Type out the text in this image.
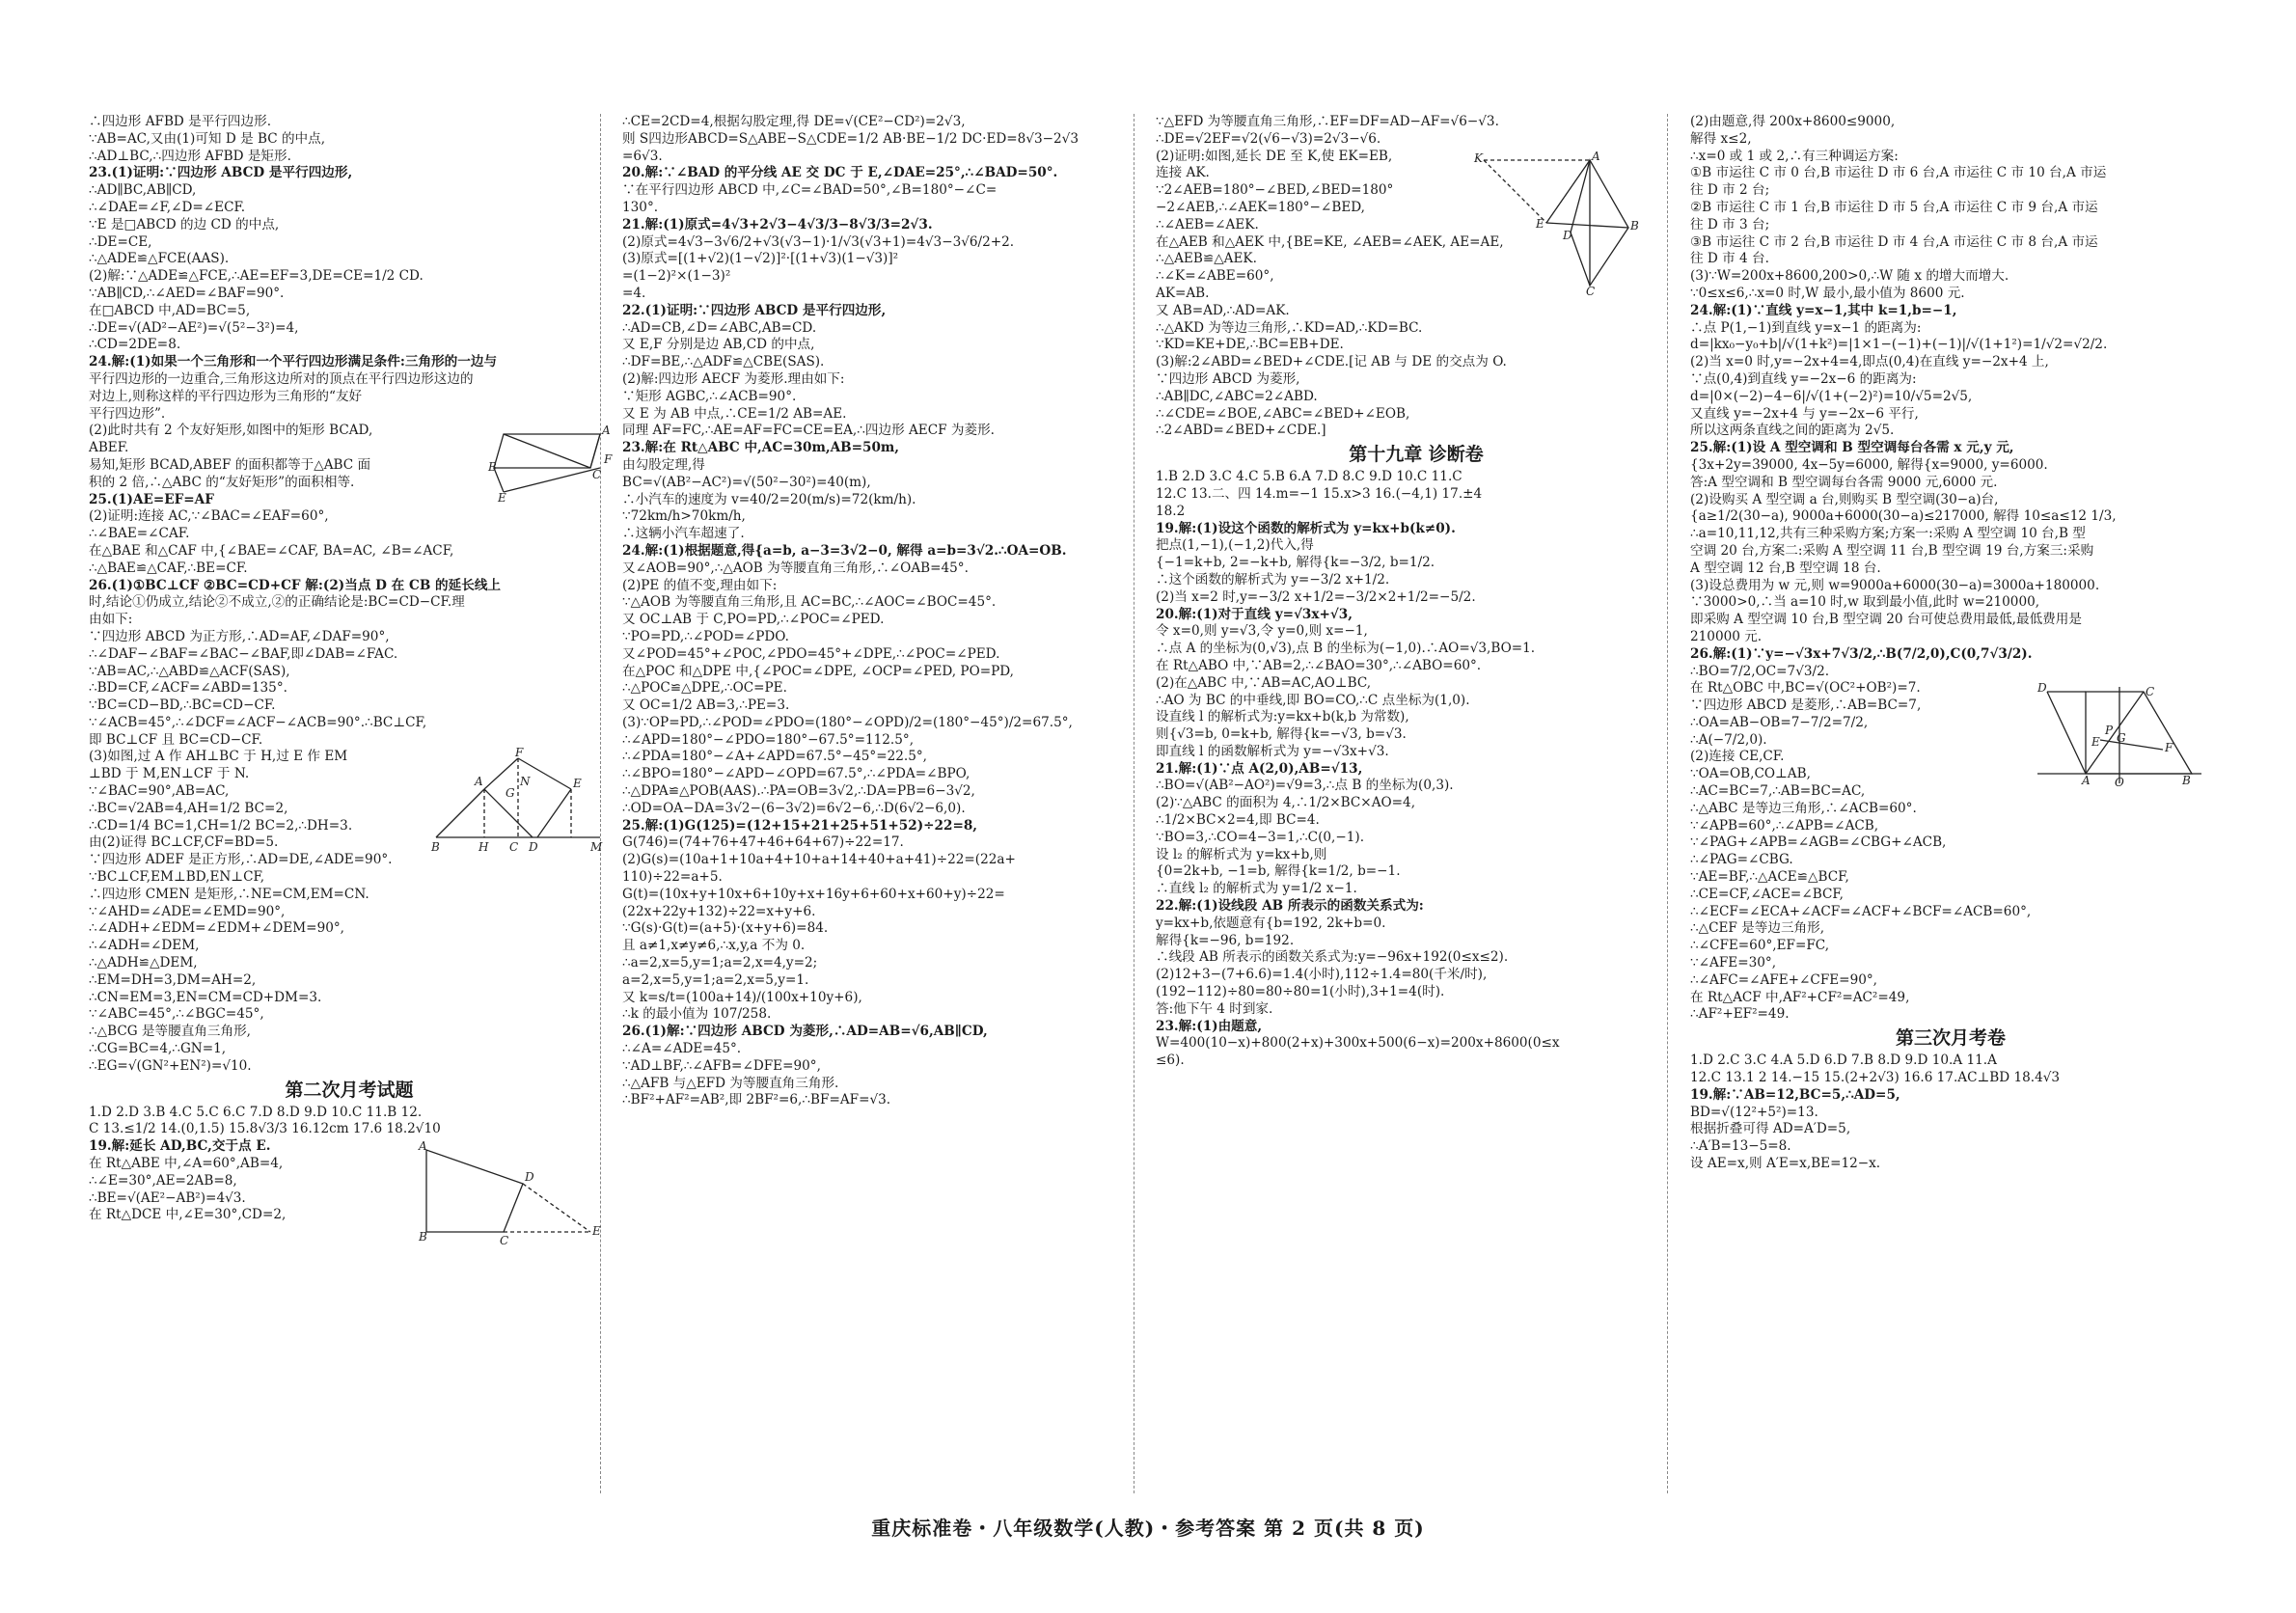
∴四边形 AFBD 是平行四边形.
∵AB=AC,又由(1)可知 D 是 BC 的中点,
∴AD⊥BC,∴四边形 AFBD 是矩形.
23.(1)证明:∵四边形 ABCD 是平行四边形,
∴AD∥BC,AB∥CD,
∴∠DAE=∠F,∠D=∠ECF.
∵E 是□ABCD 的边 CD 的中点,
∴DE=CE,
∴△ADE≌△FCE(AAS).
(2)解:∵△ADE≌△FCE,∴AE=EF=3,DE=CE=1/2 CD.
∵AB∥CD,∴∠AED=∠BAF=90°.
在□ABCD 中,AD=BC=5,
∴DE=√(AD²−AE²)=√(5²−3²)=4,
∴CD=2DE=8.
24.解:(1)如果一个三角形和一个平行四边形满足条件:三角形的一边与
平行四边形的一边重合,三角形这边所对的顶点在平行四边形这边的
对边上,则称这样的平行四边形为三角形的“友好
平行四边形”.
B
C
A
E
F
(2)此时共有 2 个友好矩形,如图中的矩形 BCAD,
ABEF.
易知,矩形 BCAD,ABEF 的面积都等于△ABC 面
积的 2 倍,∴△ABC 的“友好矩形”的面积相等.
25.(1)AE=EF=AF
(2)证明:连接 AC,∵∠BAC=∠EAF=60°,
∴∠BAE=∠CAF.
在△BAE 和△CAF 中,{∠BAE=∠CAF, BA=AC, ∠B=∠ACF,
∴△BAE≌△CAF,∴BE=CF.
26.(1)①BC⊥CF ②BC=CD+CF 解:(2)当点 D 在 CB 的延长线上
时,结论①仍成立,结论②不成立,②的正确结论是:BC=CD−CF.理
由如下:
∵四边形 ABCD 为正方形,∴AD=AF,∠DAF=90°,
∴∠DAF−∠BAF=∠BAC−∠BAF,即∠DAB=∠FAC.
∵AB=AC,∴△ABD≌△ACF(SAS),
∴BD=CF,∠ACF=∠ABD=135°.
∵BC=CD−BD,∴BC=CD−CF.
∵∠ACB=45°,∴∠DCF=∠ACF−∠ACB=90°.∴BC⊥CF,
即 BC⊥CF 且 BC=CD−CF.
B	H C D	M
A
F
E
N
G
(3)如图,过 A 作 AH⊥BC 于 H,过 E 作 EM
⊥BD 于 M,EN⊥CF 于 N.
∵∠BAC=90°,AB=AC,
∴BC=√2AB=4,AH=1/2 BC=2,
∴CD=1/4 BC=1,CH=1/2 BC=2,∴DH=3.
由(2)证得 BC⊥CF,CF=BD=5.
∵四边形 ADEF 是正方形,∴AD=DE,∠ADE=90°.
∵BC⊥CF,EM⊥BD,EN⊥CF,
∴四边形 CMEN 是矩形,∴NE=CM,EM=CN.
∵∠AHD=∠ADE=∠EMD=90°,
∴∠ADH+∠EDM=∠EDM+∠DEM=90°,
∴∠ADH=∠DEM,
∴△ADH≌△DEM,
∴EM=DH=3,DM=AH=2,
∴CN=EM=3,EN=CM=CD+DM=3.
∵∠ABC=45°,∴∠BGC=45°,
∴△BCG 是等腰直角三角形,
∴CG=BC=4,∴GN=1,
∴EG=√(GN²+EN²)=√10.
第二次月考试题
1.D 2.D 3.B 4.C 5.C 6.C 7.D 8.D 9.D 10.C 11.B 12.
C 13.≤1/2 14.(0,1.5) 15.8√3/3 16.12cm 17.6 18.2√10
A
B	C
D
E
19.解:延长 AD,BC,交于点 E.
在 Rt△ABE 中,∠A=60°,AB=4,
∴∠E=30°,AE=2AB=8,
∴BE=√(AE²−AB²)=4√3.
在 Rt△DCE 中,∠E=30°,CD=2,
∴CE=2CD=4,根据勾股定理,得 DE=√(CE²−CD²)=2√3,
则 S四边形ABCD=S△ABE−S△CDE=1/2 AB·BE−1/2 DC·ED=8√3−2√3
=6√3.
20.解:∵∠BAD 的平分线 AE 交 DC 于 E,∠DAE=25°,∴∠BAD=50°.
∵在平行四边形 ABCD 中,∠C=∠BAD=50°,∠B=180°−∠C=
130°.
21.解:(1)原式=4√3+2√3−4√3/3−8√3/3=2√3.
(2)原式=4√3−3√6/2+√3(√3−1)·1/√3(√3+1)=4√3−3√6/2+2.
(3)原式=[(1+√2)(1−√2)]²·[(1+√3)(1−√3)]²
=(1−2)²×(1−3)²
=4.
22.(1)证明:∵四边形 ABCD 是平行四边形,
∴AD=CB,∠D=∠ABC,AB=CD.
又 E,F 分别是边 AB,CD 的中点,
∴DF=BE,∴△ADF≌△CBE(SAS).
(2)解:四边形 AECF 为菱形.理由如下:
∵矩形 AGBC,∴∠ACB=90°.
又 E 为 AB 中点,∴CE=1/2 AB=AE.
同理 AF=FC,∴AE=AF=FC=CE=EA,∴四边形 AECF 为菱形.
23.解:在 Rt△ABC 中,AC=30m,AB=50m,
由勾股定理,得
BC=√(AB²−AC²)=√(50²−30²)=40(m),
∴小汽车的速度为 v=40/2=20(m/s)=72(km/h).
∵72km/h>70km/h,
∴这辆小汽车超速了.
24.解:(1)根据题意,得{a=b, a−3=3√2−0, 解得 a=b=3√2.∴OA=OB.
又∠AOB=90°,∴△AOB 为等腰直角三角形,∴∠OAB=45°.
(2)PE 的值不变,理由如下:
∵△AOB 为等腰直角三角形,且 AC=BC,∴∠AOC=∠BOC=45°.
又 OC⊥AB 于 C,PO=PD,∴∠POC=∠PED.
∵PO=PD,∴∠POD=∠PDO.
又∠POD=45°+∠POC,∠PDO=45°+∠DPE,∴∠POC=∠PED.
在△POC 和△DPE 中,{∠POC=∠DPE, ∠OCP=∠PED, PO=PD,
∴△POC≌△DPE,∴OC=PE.
又 OC=1/2 AB=3,∴PE=3.
(3)∵OP=PD,∴∠POD=∠PDO=(180°−∠OPD)/2=(180°−45°)/2=67.5°,
∴∠APD=180°−∠PDO=180°−67.5°=112.5°,
∴∠PDA=180°−∠A+∠APD=67.5°−45°=22.5°,
∴∠BPO=180°−∠APD−∠OPD=67.5°,∴∠PDA=∠BPO,
∴△DPA≌△POB(AAS).∴PA=OB=3√2,∴DA=PB=6−3√2,
∴OD=OA−DA=3√2−(6−3√2)=6√2−6,∴D(6√2−6,0).
25.解:(1)G(125)=(12+15+21+25+51+52)÷22=8,
G(746)=(74+76+47+46+64+67)÷22=17.
(2)G(s)=(10a+1+10a+4+10+a+14+40+a+41)÷22=(22a+
110)÷22=a+5.
G(t)=(10x+y+10x+6+10y+x+16y+6+60+x+60+y)÷22=
(22x+22y+132)÷22=x+y+6.
∵G(s)·G(t)=(a+5)·(x+y+6)=84.
且 a≠1,x≠y≠6,∴x,y,a 不为 0.
∴a=2,x=5,y=1;a=2,x=4,y=2;
a=2,x=5,y=1;a=2,x=5,y=1.
又 k=s/t=(100a+14)/(100x+10y+6),
∴k 的最小值为 107/258.
26.(1)解:∵四边形 ABCD 为菱形,∴AD=AB=√6,AB∥CD,
∴∠A=∠ADE=45°.
∵AD⊥BF,∴∠AFB=∠DFE=90°,
∴△AFB 与△EFD 为等腰直角三角形.
∴BF²+AF²=AB²,即 2BF²=6,∴BF=AF=√3.
∵△EFD 为等腰直角三角形,∴EF=DF=AD−AF=√6−√3.
∴DE=√2EF=√2(√6−√3)=2√3−√6.
K	A
E
D
B
C
(2)证明:如图,延长 DE 至 K,使 EK=EB,
连接 AK.
∵2∠AEB=180°−∠BED,∠BED=180°
−2∠AEB,∴∠AEK=180°−∠BED,
∴∠AEB=∠AEK.
在△AEB 和△AEK 中,{BE=KE, ∠AEB=∠AEK, AE=AE,
∴△AEB≌△AEK.
∴∠K=∠ABE=60°,
AK=AB.
又 AB=AD,∴AD=AK.
∴△AKD 为等边三角形,∴KD=AD,∴KD=BC.
∵KD=KE+DE,∴BC=EB+DE.
(3)解:2∠ABD=∠BED+∠CDE.[记 AB 与 DE 的交点为 O.
∵四边形 ABCD 为菱形,
∴AB∥DC,∠ABC=2∠ABD.
∴∠CDE=∠BOE,∠ABC=∠BED+∠EOB,
∴2∠ABD=∠BED+∠CDE.]
第十九章 诊断卷
1.B 2.D 3.C 4.C 5.B 6.A 7.D 8.C 9.D 10.C 11.C
12.C 13.二、四 14.m=−1 15.x>3 16.(−4,1) 17.±4
18.2
19.解:(1)设这个函数的解析式为 y=kx+b(k≠0).
把点(1,−1),(−1,2)代入,得
{−1=k+b, 2=−k+b, 解得{k=−3/2, b=1/2.
∴这个函数的解析式为 y=−3/2 x+1/2.
(2)当 x=2 时,y=−3/2 x+1/2=−3/2×2+1/2=−5/2.
20.解:(1)对于直线 y=√3x+√3,
令 x=0,则 y=√3,令 y=0,则 x=−1,
∴点 A 的坐标为(0,√3),点 B 的坐标为(−1,0).∴AO=√3,BO=1.
在 Rt△ABO 中,∵AB=2,∴∠BAO=30°,∴∠ABO=60°.
(2)在△ABC 中,∵AB=AC,AO⊥BC,
∴AO 为 BC 的中垂线,即 BO=CO,∴C 点坐标为(1,0).
设直线 l 的解析式为:y=kx+b(k,b 为常数),
则{√3=b, 0=k+b, 解得{k=−√3, b=√3.
即直线 l 的函数解析式为 y=−√3x+√3.
21.解:(1)∵点 A(2,0),AB=√13,
∴BO=√(AB²−AO²)=√9=3,∴点 B 的坐标为(0,3).
(2)∵△ABC 的面积为 4,∴1/2×BC×AO=4,
∴1/2×BC×2=4,即 BC=4.
∵BO=3,∴CO=4−3=1,∴C(0,−1).
设 l₂ 的解析式为 y=kx+b,则
{0=2k+b, −1=b, 解得{k=1/2, b=−1.
∴直线 l₂ 的解析式为 y=1/2 x−1.
22.解:(1)设线段 AB 所表示的函数关系式为:
y=kx+b,依题意有{b=192, 2k+b=0.
解得{k=−96, b=192.
∴线段 AB 所表示的函数关系式为:y=−96x+192(0≤x≤2).
(2)12+3−(7+6.6)=1.4(小时),112÷1.4=80(千米/时),
(192−112)÷80=80÷80=1(小时),3+1=4(时).
答:他下午 4 时到家.
23.解:(1)由题意,
W=400(10−x)+800(2+x)+300x+500(6−x)=200x+8600(0≤x
≤6).
(2)由题意,得 200x+8600≤9000,
解得 x≤2,
∴x=0 或 1 或 2,∴有三种调运方案:
①B 市运往 C 市 0 台,B 市运往 D 市 6 台,A 市运往 C 市 10 台,A 市运
往 D 市 2 台;
②B 市运往 C 市 1 台,B 市运往 D 市 5 台,A 市运往 C 市 9 台,A 市运
往 D 市 3 台;
③B 市运往 C 市 2 台,B 市运往 D 市 4 台,A 市运往 C 市 8 台,A 市运
往 D 市 4 台.
(3)∵W=200x+8600,200>0,∴W 随 x 的增大而增大.
∵0≤x≤6,∴x=0 时,W 最小,最小值为 8600 元.
24.解:(1)∵直线 y=x−1,其中 k=1,b=−1,
∴点 P(1,−1)到直线 y=x−1 的距离为:
d=|kx₀−y₀+b|/√(1+k²)=|1×1−(−1)+(−1)|/√(1+1²)=1/√2=√2/2.
(2)当 x=0 时,y=−2x+4=4,即点(0,4)在直线 y=−2x+4 上,
∵点(0,4)到直线 y=−2x−6 的距离为:
d=|0×(−2)−4−6|/√(1+(−2)²)=10/√5=2√5,
又直线 y=−2x+4 与 y=−2x−6 平行,
所以这两条直线之间的距离为 2√5.
25.解:(1)设 A 型空调和 B 型空调每台各需 x 元,y 元,
{3x+2y=39000, 4x−5y=6000, 解得{x=9000, y=6000.
答:A 型空调和 B 型空调每台各需 9000 元,6000 元.
(2)设购买 A 型空调 a 台,则购买 B 型空调(30−a)台,
{a≥1/2(30−a), 9000a+6000(30−a)≤217000, 解得 10≤a≤12 1/3,
∴a=10,11,12,共有三种采购方案;方案一:采购 A 型空调 10 台,B 型
空调 20 台,方案二:采购 A 型空调 11 台,B 型空调 19 台,方案三:采购
A 型空调 12 台,B 型空调 18 台.
(3)设总费用为 w 元,则 w=9000a+6000(30−a)=3000a+180000.
∵3000>0,∴当 a=10 时,w 取到最小值,此时 w=210000,
即采购 A 型空调 10 台,B 型空调 20 台可使总费用最低,最低费用是
210000 元.
26.解:(1)∵y=−√3x+7√3/2,∴B(7/2,0),C(0,7√3/2).
∴BO=7/2,OC=7√3/2.
D	C
A O	B
E	F
P
G
在 Rt△OBC 中,BC=√(OC²+OB²)=7.
∵四边形 ABCD 是菱形,∴AB=BC=7,
∴OA=AB−OB=7−7/2=7/2,
∴A(−7/2,0).
(2)连接 CE,CF.
∵OA=OB,CO⊥AB,
∴AC=BC=7,∴AB=BC=AC,
∴△ABC 是等边三角形,∴∠ACB=60°.
∵∠APB=60°,∴∠APB=∠ACB,
∵∠PAG+∠APB=∠AGB=∠CBG+∠ACB,
∴∠PAG=∠CBG.
∵AE=BF,∴△ACE≌△BCF,
∴CE=CF,∠ACE=∠BCF,
∴∠ECF=∠ECA+∠ACF=∠ACF+∠BCF=∠ACB=60°,
∴△CEF 是等边三角形,
∴∠CFE=60°,EF=FC,
∵∠AFE=30°,
∴∠AFC=∠AFE+∠CFE=90°,
在 Rt△ACF 中,AF²+CF²=AC²=49,
∴AF²+EF²=49.
第三次月考卷
1.D 2.C 3.C 4.A 5.D 6.D 7.B 8.D 9.D 10.A 11.A
12.C 13.1 2 14.−15 15.(2+2√3) 16.6 17.AC⊥BD 18.4√3
19.解:∵AB=12,BC=5,∴AD=5,
BD=√(12²+5²)=13.
根据折叠可得 AD=A′D=5,
∴A′B=13−5=8.
设 AE=x,则 A′E=x,BE=12−x.
重庆标准卷・八年级数学(人教)・参考答案 第 2 页(共 8 页)
